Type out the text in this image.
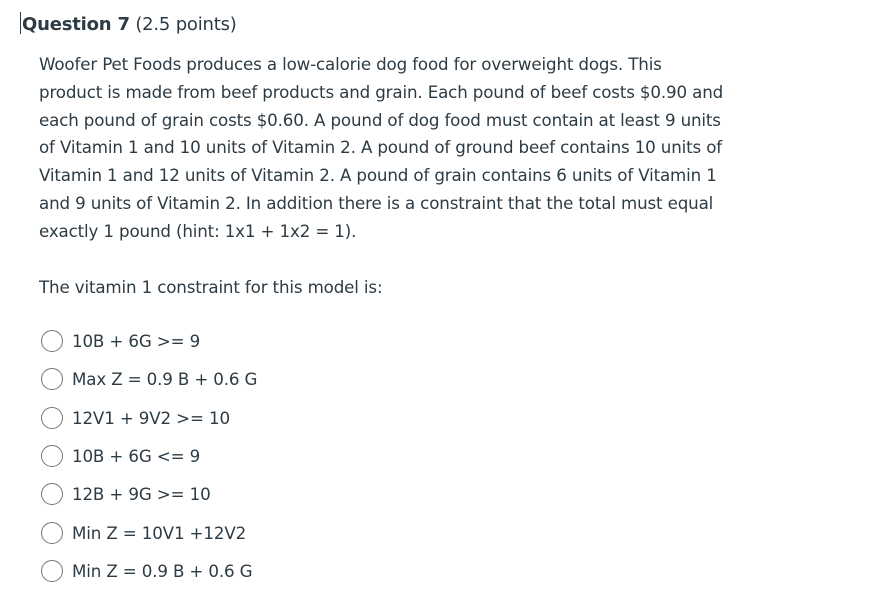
Question 7 (2.5 points)

Woofer Pet Foods produces a low-calorie dog food for overweight dogs. This

product is made from beef products and grain. Each pound of beef costs $0.90 and

each pound of grain costs $0.60. A pound of dog food must contain at least 9 units

of Vitamin 1 and 10 units of Vitamin 2. A pound of ground beef contains 10 units of

Vitamin 1 and 12 units of Vitamin 2. A pound of grain contains 6 units of Vitamin 1

and 9 units of Vitamin 2. In addition there is a constraint that the total must equal

exactly 1 pound (hint: 1x1 + 1x2 = 1).

The vitamin 1 constraint for this model is:
10B + 6G >= 9
Max Z = 0.9 B + 0.6 G
12V1 + 9V2 >= 10
10B + 6G <= 9
12B + 9G >= 10
Min Z = 10V1 +12V2
Min Z = 0.9 B + 0.6 G
